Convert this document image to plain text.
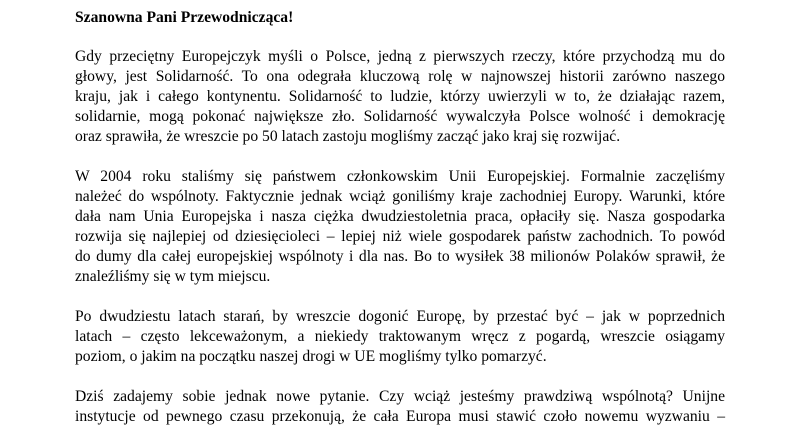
Szanowna Pani Przewodnicząca!
Gdy przeciętny Europejczyk myśli o Polsce, jedną z pierwszych rzeczy, które przychodzą mu do
głowy, jest Solidarność. To ona odegrała kluczową rolę w najnowszej historii zarówno naszego
kraju, jak i całego kontynentu. Solidarność to ludzie, którzy uwierzyli w to, że działając razem,
solidarnie, mogą pokonać największe zło. Solidarność wywalczyła Polsce wolność i demokrację
oraz sprawiła, że wreszcie po 50 latach zastoju mogliśmy zacząć jako kraj się rozwijać.
W 2004 roku staliśmy się państwem członkowskim Unii Europejskiej. Formalnie zaczęliśmy
należeć do wspólnoty. Faktycznie jednak wciąż goniliśmy kraje zachodniej Europy. Warunki, które
dała nam Unia Europejska i nasza ciężka dwudziestoletnia praca, opłaciły się. Nasza gospodarka
rozwija się najlepiej od dziesięcioleci – lepiej niż wiele gospodarek państw zachodnich. To powód
do dumy dla całej europejskiej wspólnoty i dla nas. Bo to wysiłek 38 milionów Polaków sprawił, że
znaleźliśmy się w tym miejscu.
Po dwudziestu latach starań, by wreszcie dogonić Europę, by przestać być – jak w poprzednich
latach – często lekceważonym, a niekiedy traktowanym wręcz z pogardą, wreszcie osiągamy
poziom, o jakim na początku naszej drogi w UE mogliśmy tylko pomarzyć.
Dziś zadajemy sobie jednak nowe pytanie. Czy wciąż jesteśmy prawdziwą wspólnotą? Unijne
instytucje od pewnego czasu przekonują, że cała Europa musi stawić czoło nowemu wyzwaniu –
